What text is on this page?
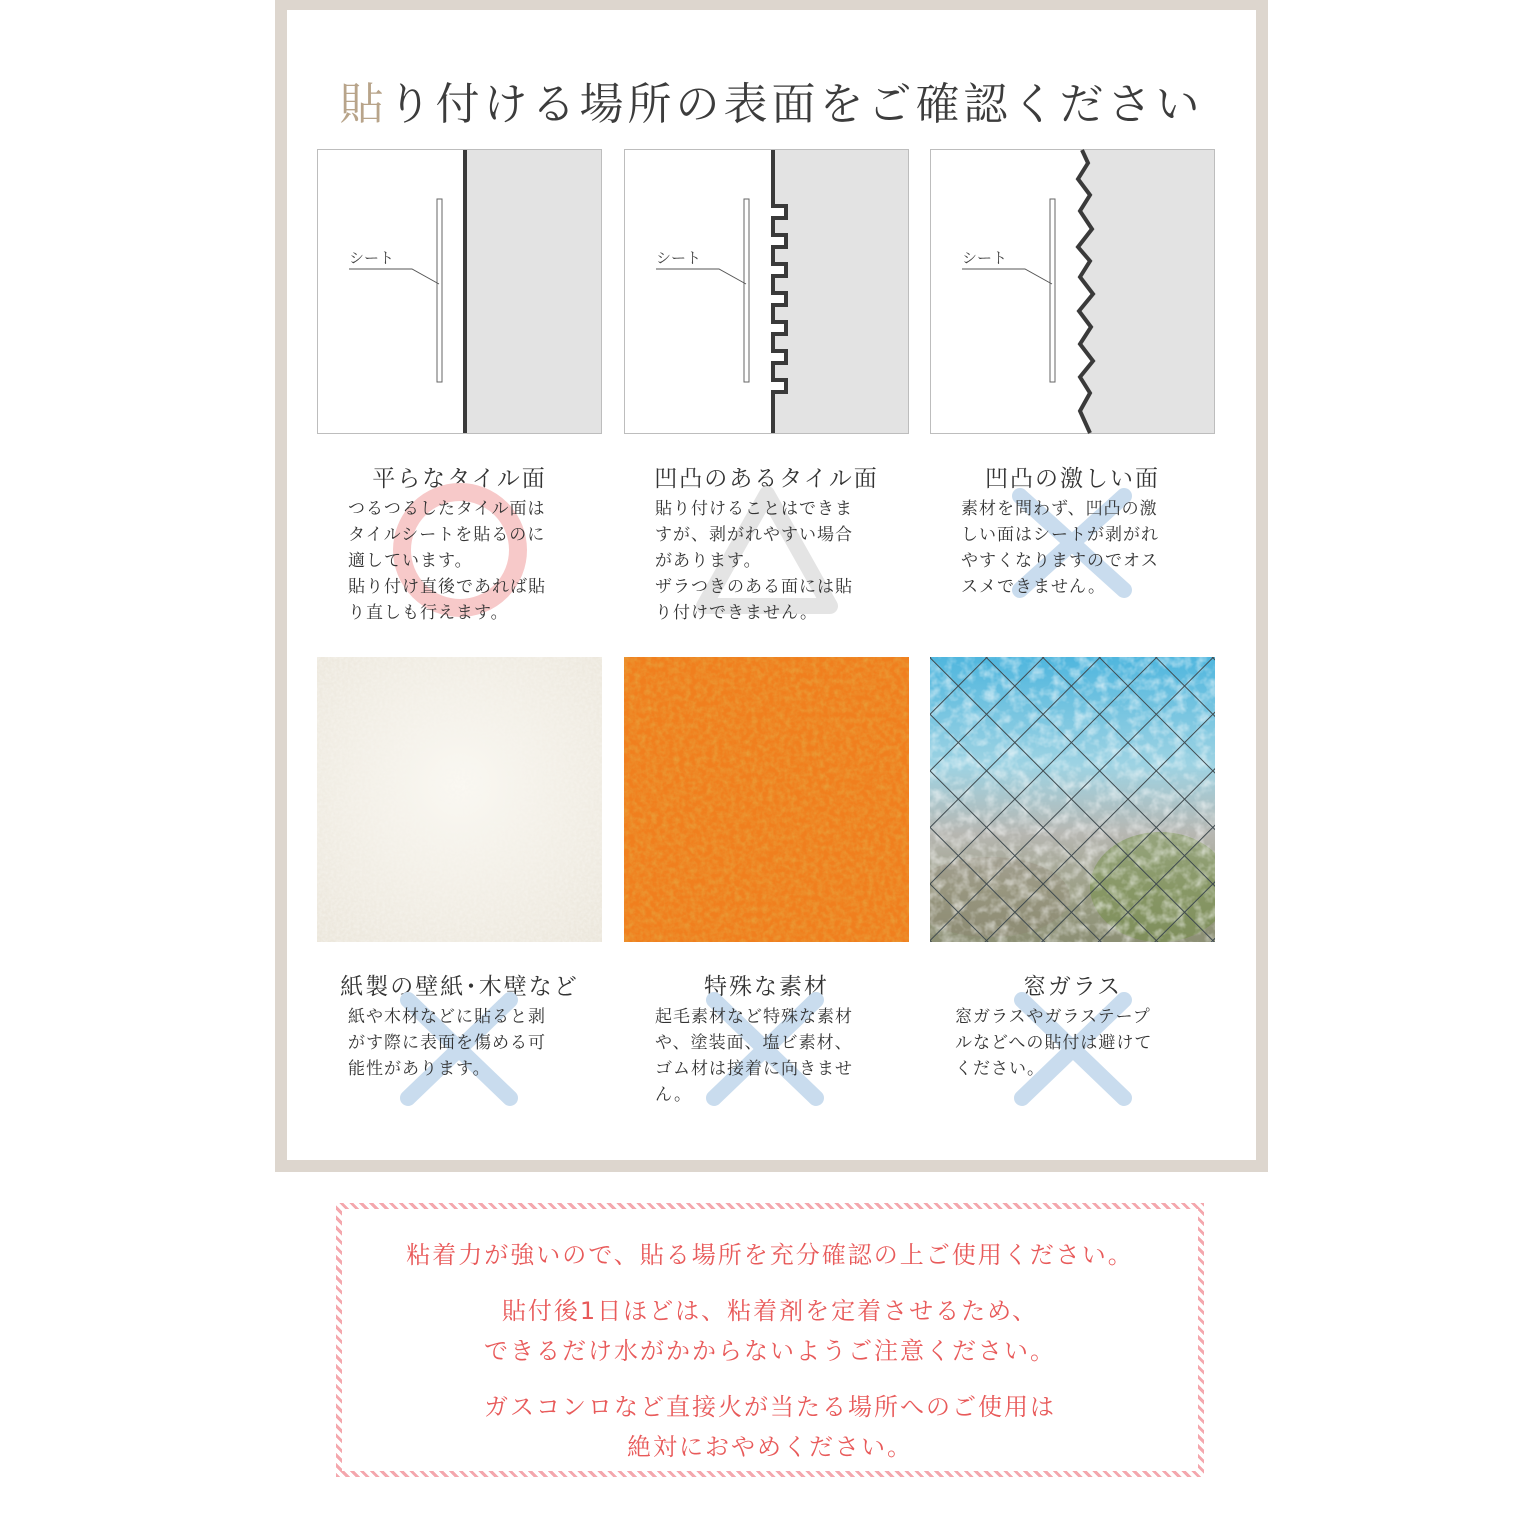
貼り付ける場所の表面をご確認ください
シート	シート	シート
平らなタイル面
つるつるしたタイル面は
タイルシートを貼るのに
適しています。
貼り付け直後であれば貼
り直しも行えます。
凹凸のあるタイル面
貼り付けることはできま
すが、剥がれやすい場合
があります。
ザラつきのある面には貼
り付けできません。
凹凸の激しい面
素材を問わず、凹凸の激
しい面はシートが剥がれ
やすくなりますのでオス
スメできません。
紙製の壁紙･木壁など
紙や木材などに貼ると剥
がす際に表面を傷める可
能性があります。
特殊な素材
起毛素材など特殊な素材
や、塗装面、塩ビ素材、
ゴム材は接着に向きませ
ん。
窓ガラス
窓ガラスやガラステープ
ルなどへの貼付は避けて
ください。

粘着力が強いので、貼る場所を充分確認の上ご使用ください。

貼付後1日ほどは、粘着剤を定着させるため、
できるだけ水がかからないようご注意ください。

ガスコンロなど直接火が当たる場所へのご使用は
絶対におやめください。
